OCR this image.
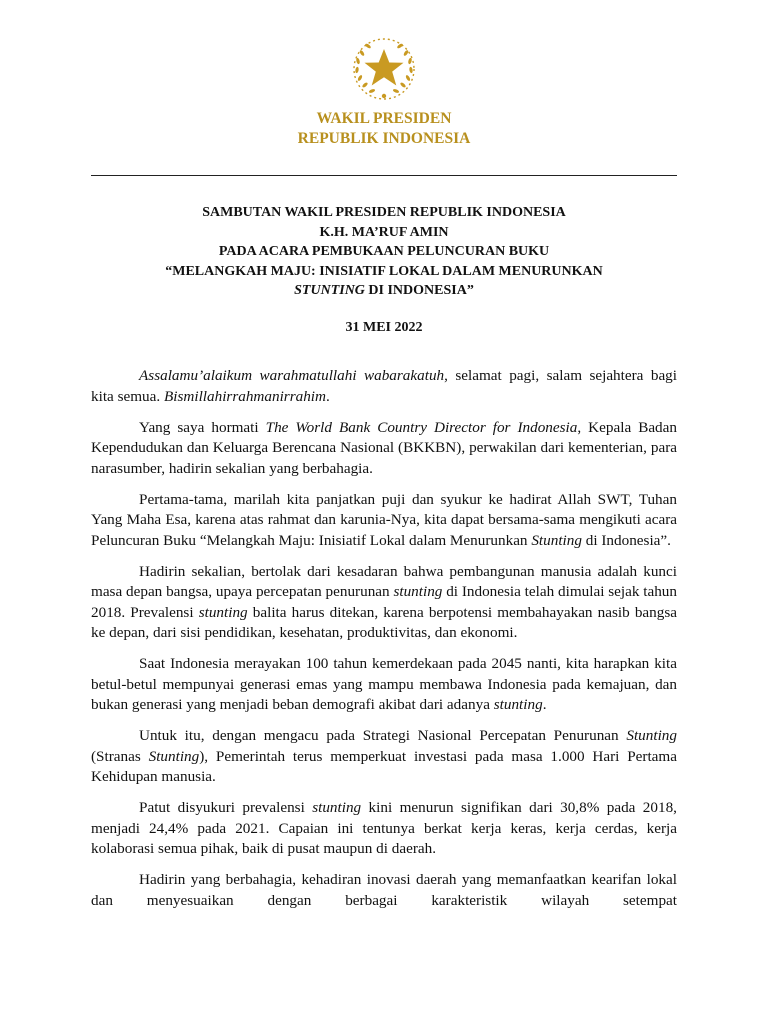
WAKIL PRESIDEN
REPUBLIK INDONESIA
SAMBUTAN WAKIL PRESIDEN REPUBLIK INDONESIA
K.H. MA’RUF AMIN
PADA ACARA PEMBUKAAN PELUNCURAN BUKU
“MELANGKAH MAJU: INISIATIF LOKAL DALAM MENURUNKAN
STUNTING DI INDONESIA”
31 MEI 2022

Assalamu’alaikum warahmatullahi wabarakatuh, selamat pagi, salam sejahtera bagi kita semua. Bismillahirrahmanirrahim.

Yang saya hormati The World Bank Country Director for Indonesia, Kepala Badan Kependudukan dan Keluarga Berencana Nasional (BKKBN), perwakilan dari kementerian, para narasumber, hadirin sekalian yang berbahagia.

Pertama-tama, marilah kita panjatkan puji dan syukur ke hadirat Allah SWT, Tuhan Yang Maha Esa, karena atas rahmat dan karunia-Nya, kita dapat bersama-sama mengikuti acara Peluncuran Buku “Melangkah Maju: Inisiatif Lokal dalam Menurunkan Stunting di Indonesia”.

Hadirin sekalian, bertolak dari kesadaran bahwa pembangunan manusia adalah kunci masa depan bangsa, upaya percepatan penurunan stunting di Indonesia telah dimulai sejak tahun 2018. Prevalensi stunting balita harus ditekan, karena berpotensi membahayakan nasib bangsa ke depan, dari sisi pendidikan, kesehatan, produktivitas, dan ekonomi.

Saat Indonesia merayakan 100 tahun kemerdekaan pada 2045 nanti, kita harapkan kita betul-betul mempunyai generasi emas yang mampu membawa Indonesia pada kemajuan, dan bukan generasi yang menjadi beban demografi akibat dari adanya stunting.

Untuk itu, dengan mengacu pada Strategi Nasional Percepatan Penurunan Stunting (Stranas Stunting), Pemerintah terus memperkuat investasi pada masa 1.000 Hari Pertama Kehidupan manusia.

Patut disyukuri prevalensi stunting kini menurun signifikan dari 30,8% pada 2018, menjadi 24,4% pada 2021. Capaian ini tentunya berkat kerja keras, kerja cerdas, kerja kolaborasi semua pihak, baik di pusat maupun di daerah.

Hadirin yang berbahagia, kehadiran inovasi daerah yang memanfaatkan kearifan lokal dan menyesuaikan dengan berbagai karakteristik wilayah setempat
